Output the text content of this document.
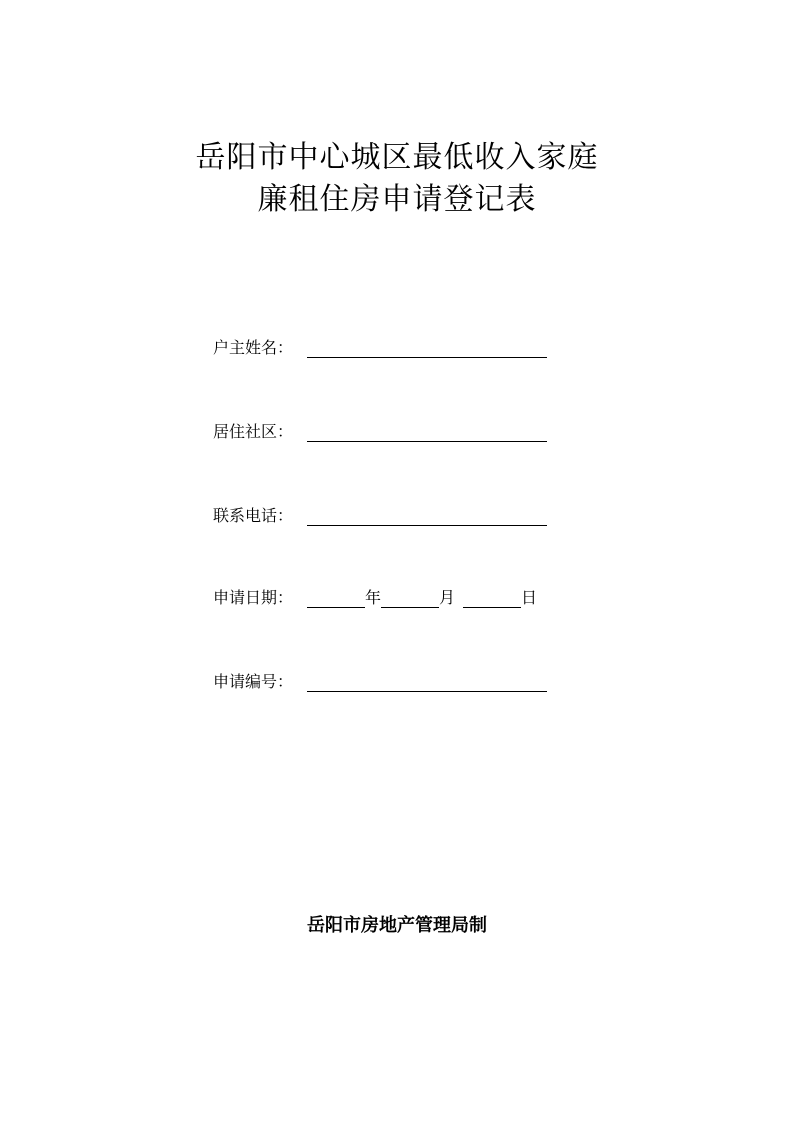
岳阳市中心城区最低收入家庭
廉租住房申请登记表
户主姓名：
居住社区：
联系电话：
申请日期：	年	月	日
申请编号：
岳阳市房地产管理局制
